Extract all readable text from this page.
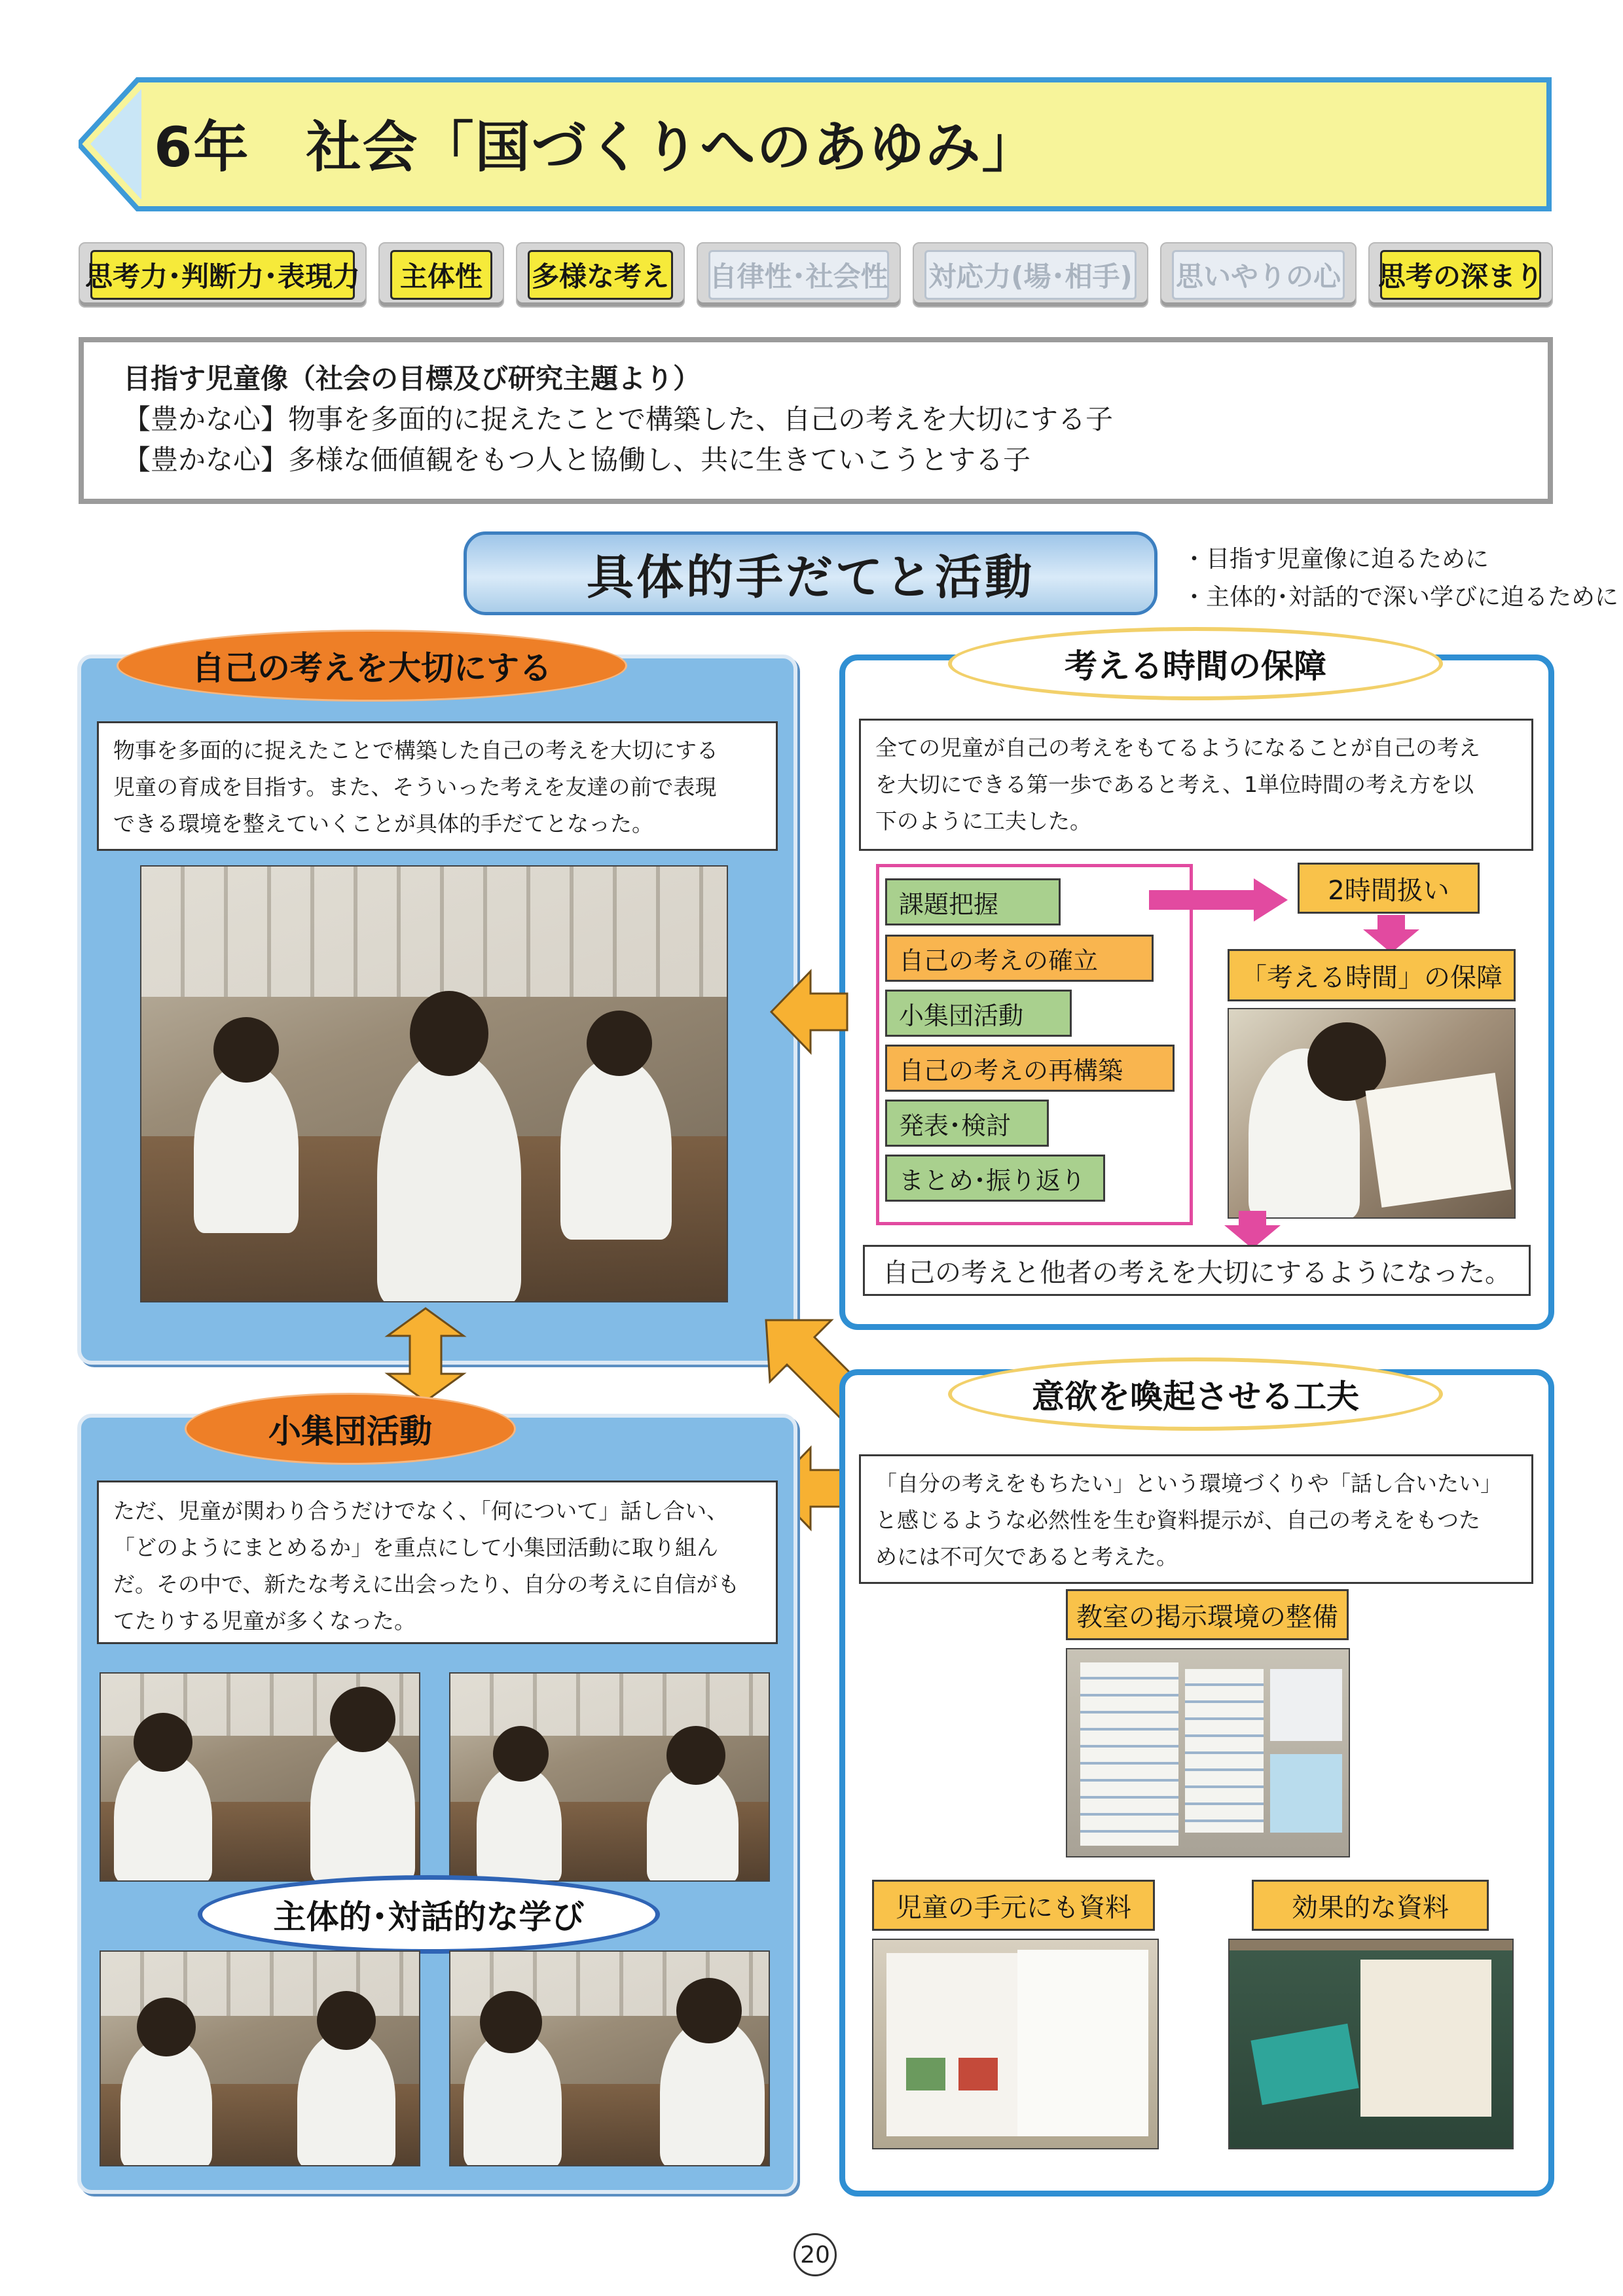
6年　社会「国づくりへのあゆみ」
思考力･判断力･表現力	主体性	多様な考え 自律性･社会性 対応力(場･相手) 思いやりの心 思考の深まり

目指す児童像（社会の目標及び研究主題より）

【豊かな心】物事を多面的に捉えたことで構築した、自己の考えを大切にする子

【豊かな心】多様な価値観をもつ人と協働し、共に生きていこうとする子

具体的手だてと活動	・目指す児童像に迫るために
・主体的･対話的で深い学びに迫るために
自己の考えを大切にする
物事を多面的に捉えたことで構築した自己の考えを大切にする
児童の育成を目指す。また、そういった考えを友達の前で表現
できる環境を整えていくことが具体的手だてとなった。
考える時間の保障
全ての児童が自己の考えをもてるようになることが自己の考え
を大切にできる第一歩であると考え、1単位時間の考え方を以
下のように工夫した。
課題把握
自己の考えの確立
小集団活動
自己の考えの再構築
発表･検討
まとめ･振り返り
2時間扱い
「考える時間」の保障
自己の考えと他者の考えを大切にするようになった。
小集団活動
ただ、児童が関わり合うだけでなく、「何について」話し合い、
「どのようにまとめるか」を重点にして小集団活動に取り組ん
だ。その中で、新たな考えに出会ったり、自分の考えに自信がも
てたりする児童が多くなった。
主体的･対話的な学び
意欲を喚起させる工夫
「自分の考えをもちたい」という環境づくりや「話し合いたい」
と感じるような必然性を生む資料提示が、自己の考えをもつた
めには不可欠であると考えた。
教室の掲示環境の整備
児童の手元にも資料	効果的な資料
20
